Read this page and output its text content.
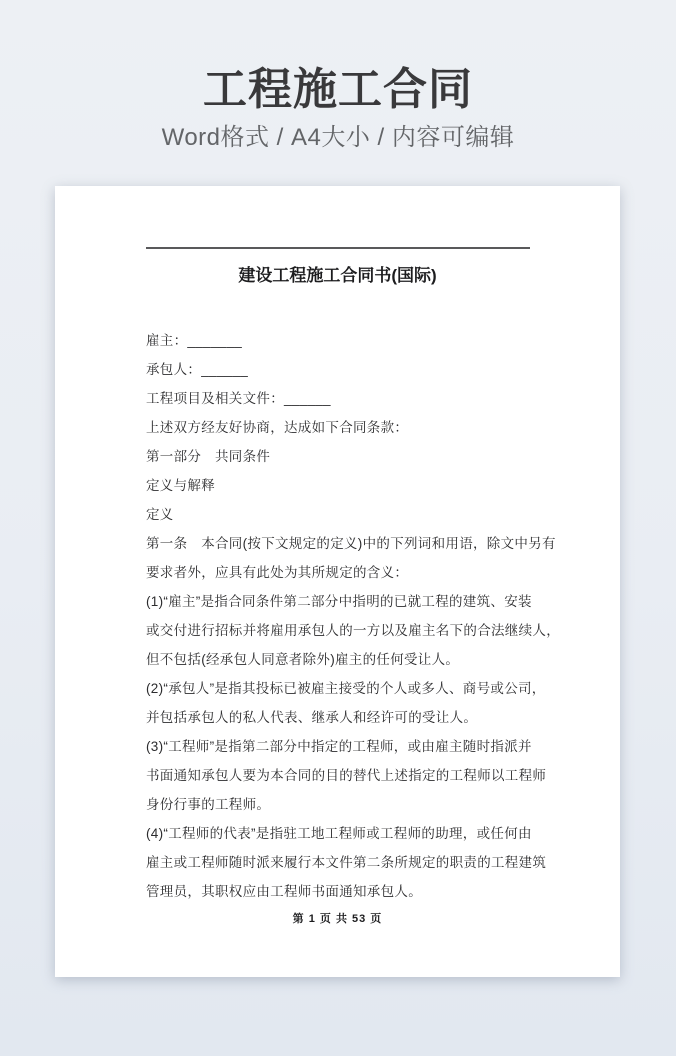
工程施工合同

Word格式 / A4大小 / 内容可编辑

建设工程施工合同书(国际)
雇主：_______
承包人：______
工程项目及相关文件：______
上述双方经友好协商，达成如下合同条款：
第一部分　共同条件
定义与解释
定义
第一条　本合同(按下文规定的定义)中的下列词和用语，除文中另有
要求者外，应具有此处为其所规定的含义：
(1)“雇主”是指合同条件第二部分中指明的已就工程的建筑、安装
或交付进行招标并将雇用承包人的一方以及雇主名下的合法继续人，
但不包括(经承包人同意者除外)雇主的任何受让人。
(2)“承包人”是指其投标已被雇主接受的个人或多人、商号或公司，
并包括承包人的私人代表、继承人和经许可的受让人。
(3)“工程师”是指第二部分中指定的工程师，或由雇主随时指派并
书面通知承包人要为本合同的目的替代上述指定的工程师以工程师
身份行事的工程师。
(4)“工程师的代表”是指驻工地工程师或工程师的助理，或任何由
雇主或工程师随时派来履行本文件第二条所规定的职责的工程建筑
管理员，其职权应由工程师书面通知承包人。
第 1 页 共 53 页
